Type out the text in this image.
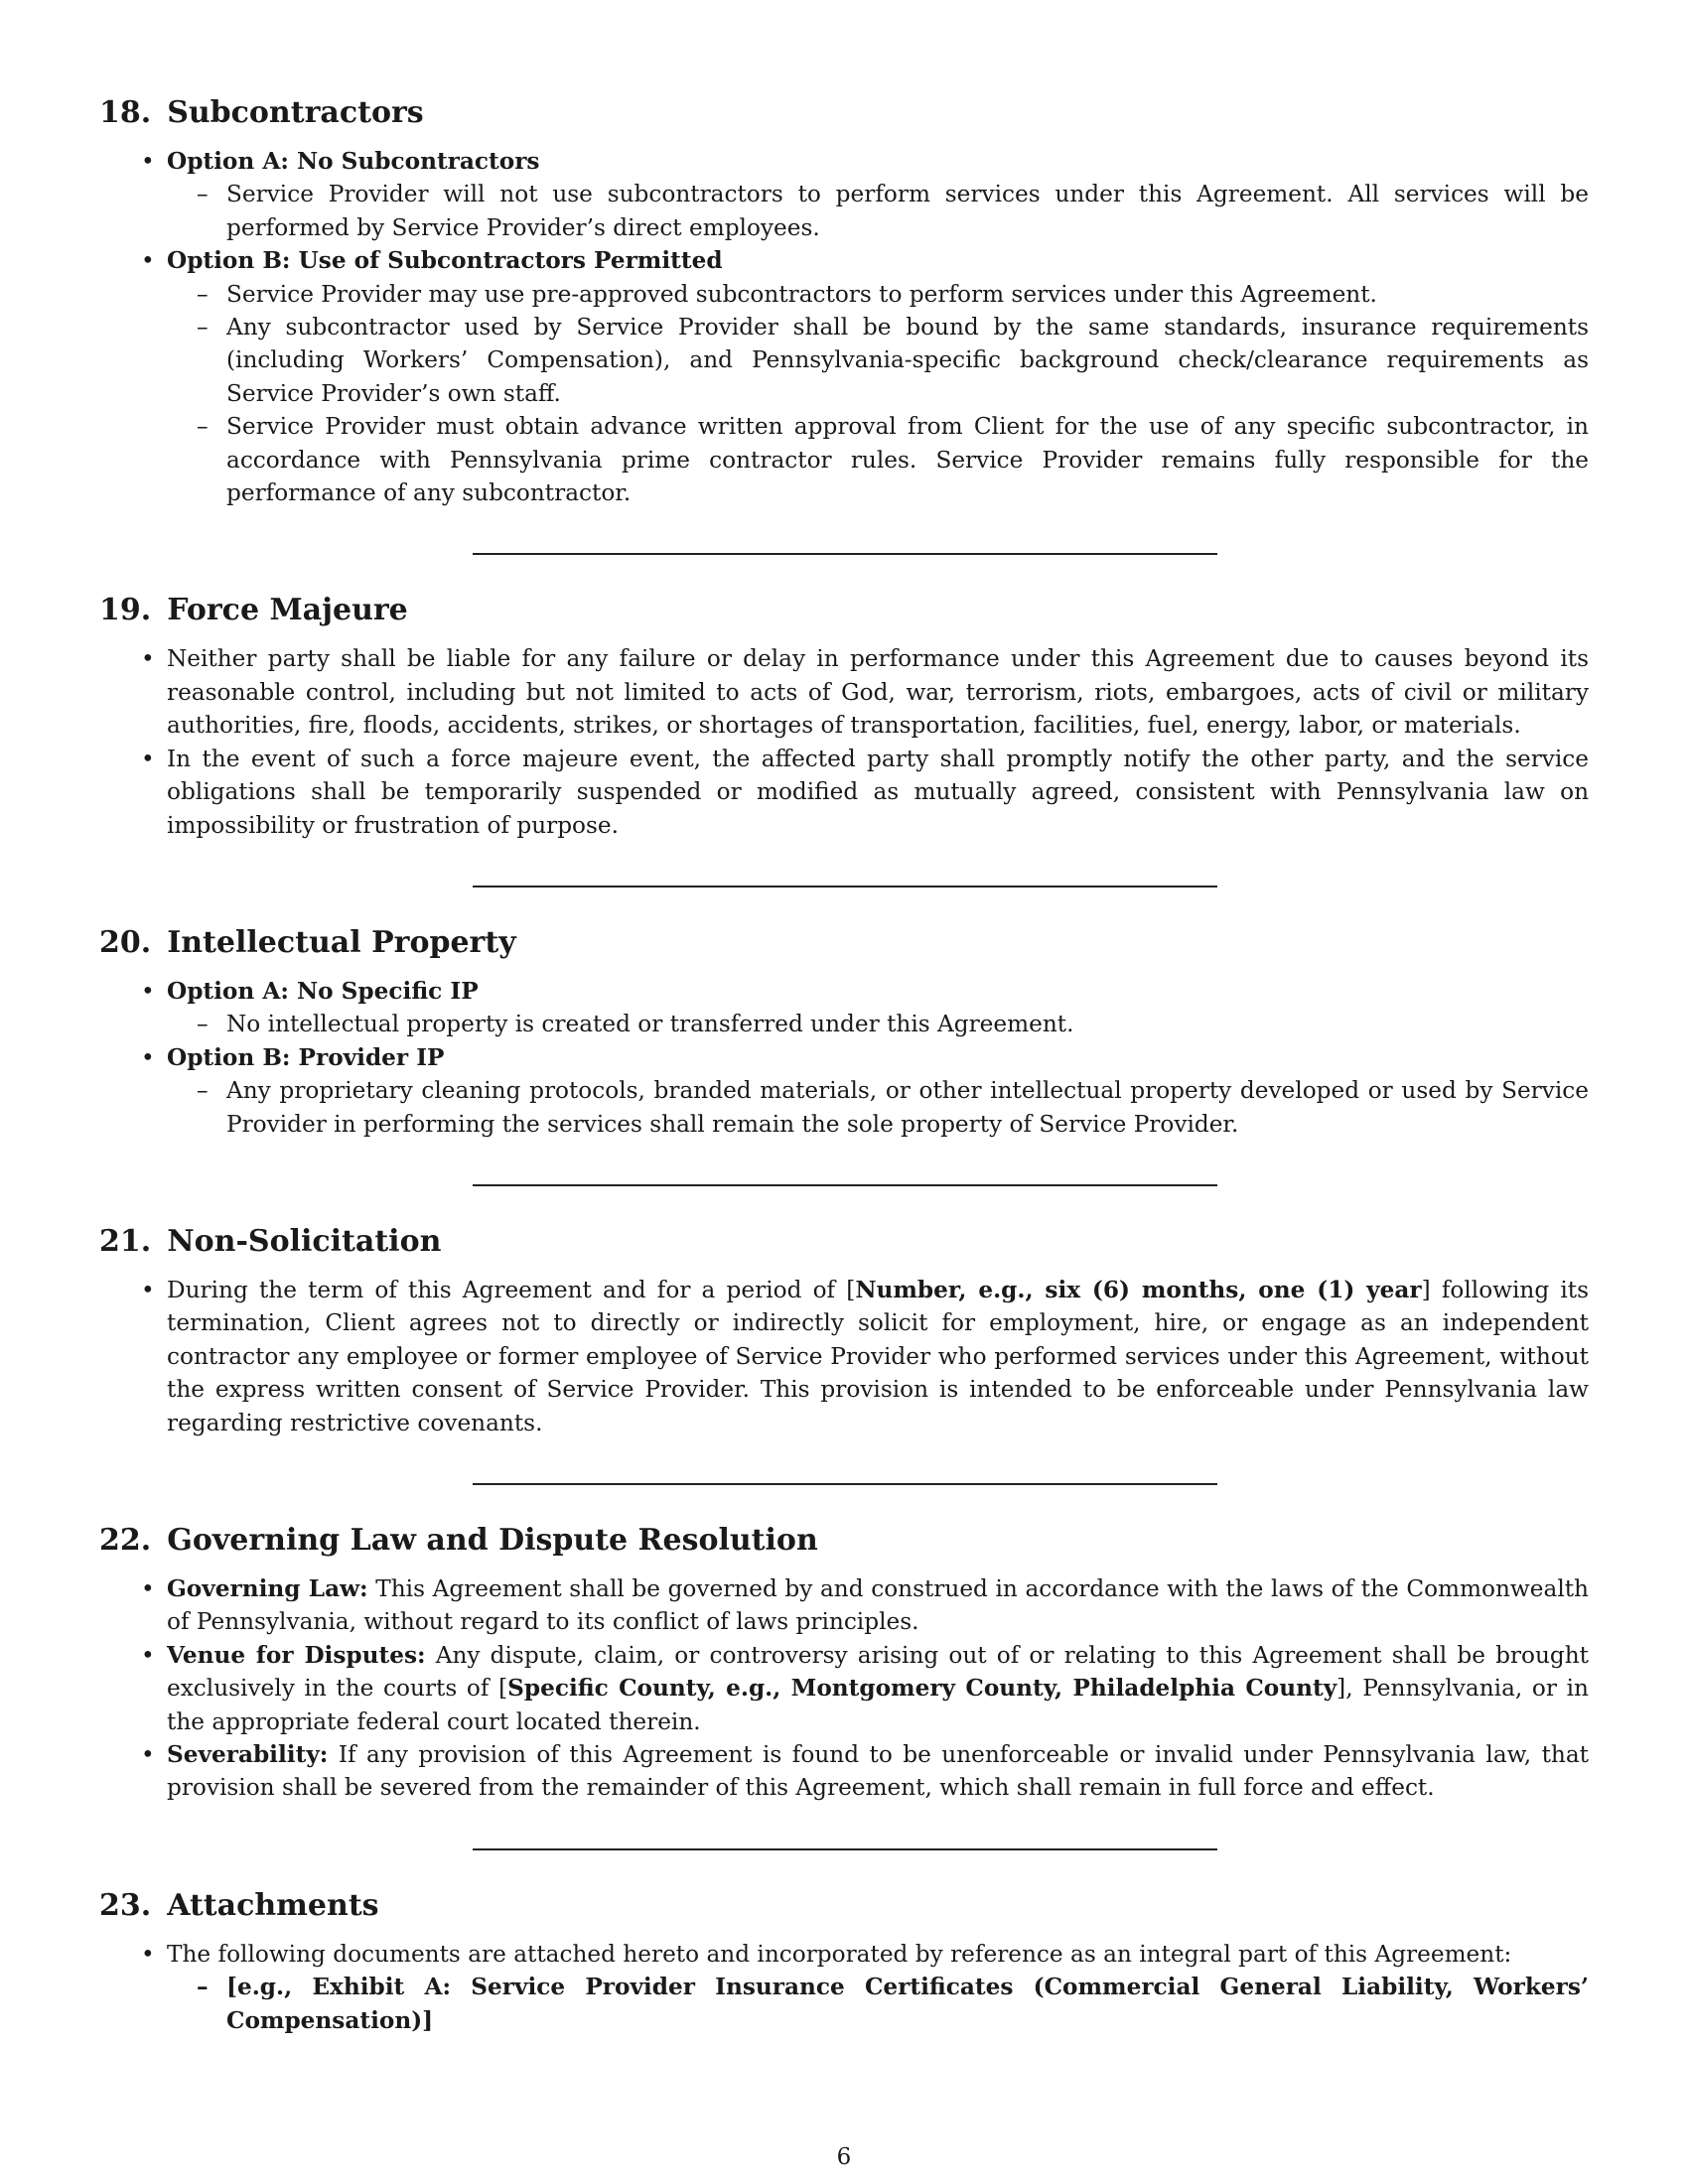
18. Subcontractors
• Option A: No Subcontractors
– Service Provider will not use subcontractors to perform services under this Agreement. All services will be performed by Service Provider’s direct employees.
• Option B: Use of Subcontractors Permitted
– Service Provider may use pre-approved subcontractors to perform services under this Agreement.
– Any subcontractor used by Service Provider shall be bound by the same standards, insurance requirements (including Workers’ Compensation), and Pennsylvania-specific background check/clearance requirements as Service Provider’s own staff.
– Service Provider must obtain advance written approval from Client for the use of any specific subcontractor, in accordance with Pennsylvania prime contractor rules. Service Provider remains fully responsible for the performance of any subcontractor.
19. Force Majeure
• Neither party shall be liable for any failure or delay in performance under this Agreement due to causes beyond its reasonable control, including but not limited to acts of God, war, terrorism, riots, embargoes, acts of civil or military authorities, fire, floods, accidents, strikes, or shortages of transportation, facilities, fuel, energy, labor, or materials.
• In the event of such a force majeure event, the affected party shall promptly notify the other party, and the service obligations shall be temporarily suspended or modified as mutually agreed, consistent with Pennsylvania law on impossibility or frustration of purpose.
20. Intellectual Property
• Option A: No Specific IP
– No intellectual property is created or transferred under this Agreement.
• Option B: Provider IP
– Any proprietary cleaning protocols, branded materials, or other intellectual property developed or used by Service Provider in performing the services shall remain the sole property of Service Provider.
21. Non-Solicitation
• During the term of this Agreement and for a period of [Number, e.g., six (6) months, one (1) year] following its termination, Client agrees not to directly or indirectly solicit for employment, hire, or engage as an independent contractor any employee or former employee of Service Provider who performed services under this Agreement, without the express written consent of Service Provider. This provision is intended to be enforceable under Pennsylvania law regarding restrictive covenants.
22. Governing Law and Dispute Resolution
• Governing Law: This Agreement shall be governed by and construed in accordance with the laws of the Commonwealth of Pennsylvania, without regard to its conflict of laws principles.
• Venue for Disputes: Any dispute, claim, or controversy arising out of or relating to this Agreement shall be brought exclusively in the courts of [Specific County, e.g., Montgomery County, Philadelphia County], Pennsylvania, or in the appropriate federal court located therein.
• Severability: If any provision of this Agreement is found to be unenforceable or invalid under Pennsylvania law, that provision shall be severed from the remainder of this Agreement, which shall remain in full force and effect.
23. Attachments
• The following documents are attached hereto and incorporated by reference as an integral part of this Agreement:
– [e.g., Exhibit A: Service Provider Insurance Certificates (Commercial General Liability, Workers’ Compensation)]
6
